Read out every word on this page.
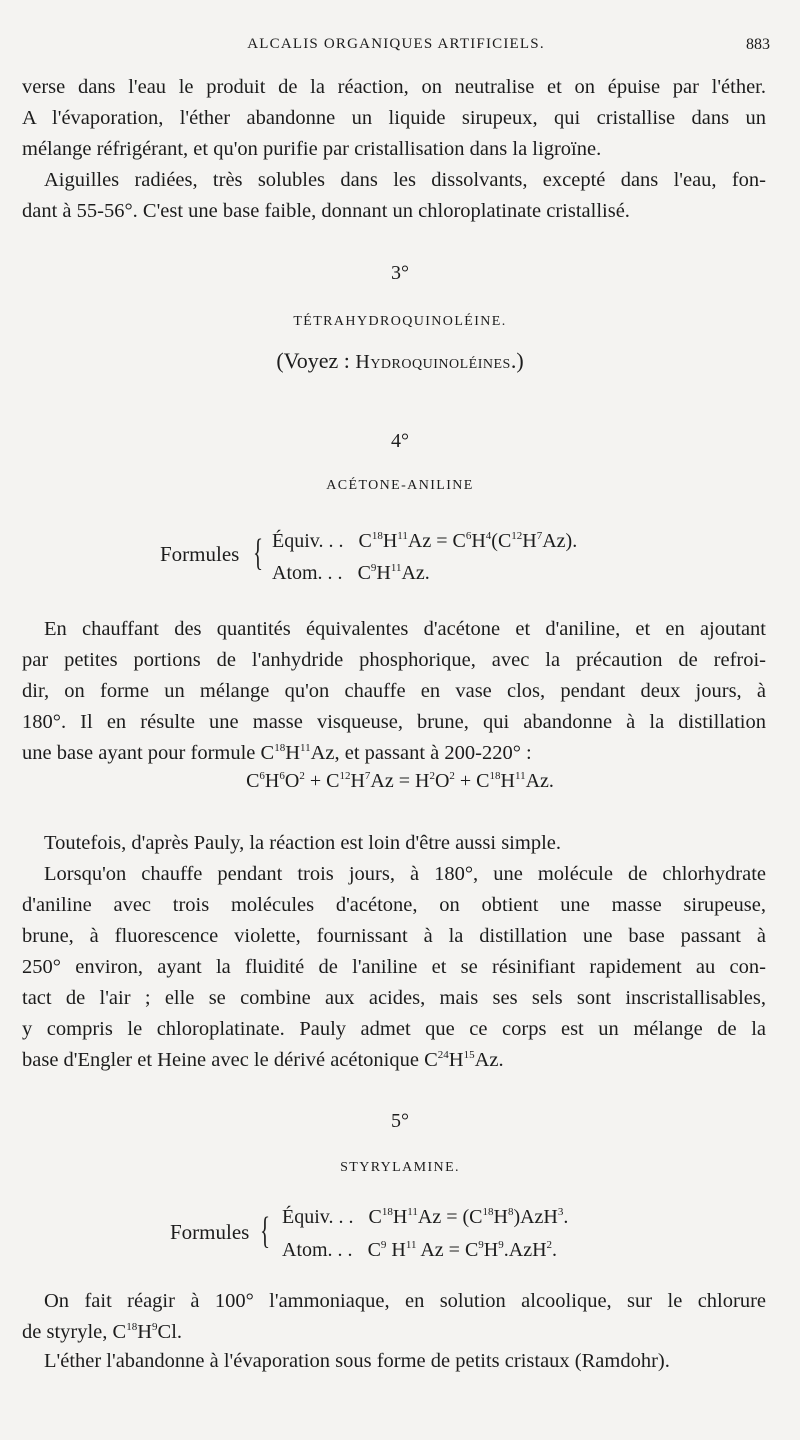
ALCALIS ORGANIQUES ARTIFICIELS.	883
verse dans l'eau le produit de la réaction, on neutralise et on épuise par l'éther.
A l'évaporation, l'éther abandonne un liquide sirupeux, qui cristallise dans un
mélange réfrigérant, et qu'on purifie par cristallisation dans la ligroïne.
Aiguilles radiées, très solubles dans les dissolvants, excepté dans l'eau, fon-
dant à 55-56°. C'est une base faible, donnant un chloroplatinate cristallisé.
3°
TÉTRAHYDROQUINOLÉINE.
(Voyez : Hydroquinoléines.)
4°
ACÉTONE-ANILINE
Formules { Équiv. . .   $C^{18}H^{11}Az = C^6H^4(C^{12}H^7Az)$.
Atom. . .   $C^9H^{11}Az$.
En chauffant des quantités équivalentes d'acétone et d'aniline, et en ajoutant
par petites portions de l'anhydride phosphorique, avec la précaution de refroi-
dir, on forme un mélange qu'on chauffe en vase clos, pendant deux jours, à
180°. Il en résulte une masse visqueuse, brune, qui abandonne à la distillation
une base ayant pour formule $C^{18}H^{11}Az$, et passant à 200-220° :
$C^6H^6O^2 + C^{12}H^7Az = H^2O^2 + C^{18}H^{11}Az$.
Toutefois, d'après Pauly, la réaction est loin d'être aussi simple.
Lorsqu'on chauffe pendant trois jours, à 180°, une molécule de chlorhydrate
d'aniline avec trois molécules d'acétone, on obtient une masse sirupeuse,
brune, à fluorescence violette, fournissant à la distillation une base passant à
250° environ, ayant la fluidité de l'aniline et se résinifiant rapidement au con-
tact de l'air ; elle se combine aux acides, mais ses sels sont inscristallisables,
y compris le chloroplatinate. Pauly admet que ce corps est un mélange de la
base d'Engler et Heine avec le dérivé acétonique $C^{24}H^{15}Az$.
5°
STYRYLAMINE.
Formules { Équiv. . .   $C^{18}H^{11}Az = (C^{18}H^8)AzH^3$.
Atom. . .   $C^9$ $H^{11}$ $Az = C^9H^9.AzH^2$.
On fait réagir à 100° l'ammoniaque, en solution alcoolique, sur le chlorure
de styryle, $C^{18}H^9Cl$.
L'éther l'abandonne à l'évaporation sous forme de petits cristaux (Ramdohr).
